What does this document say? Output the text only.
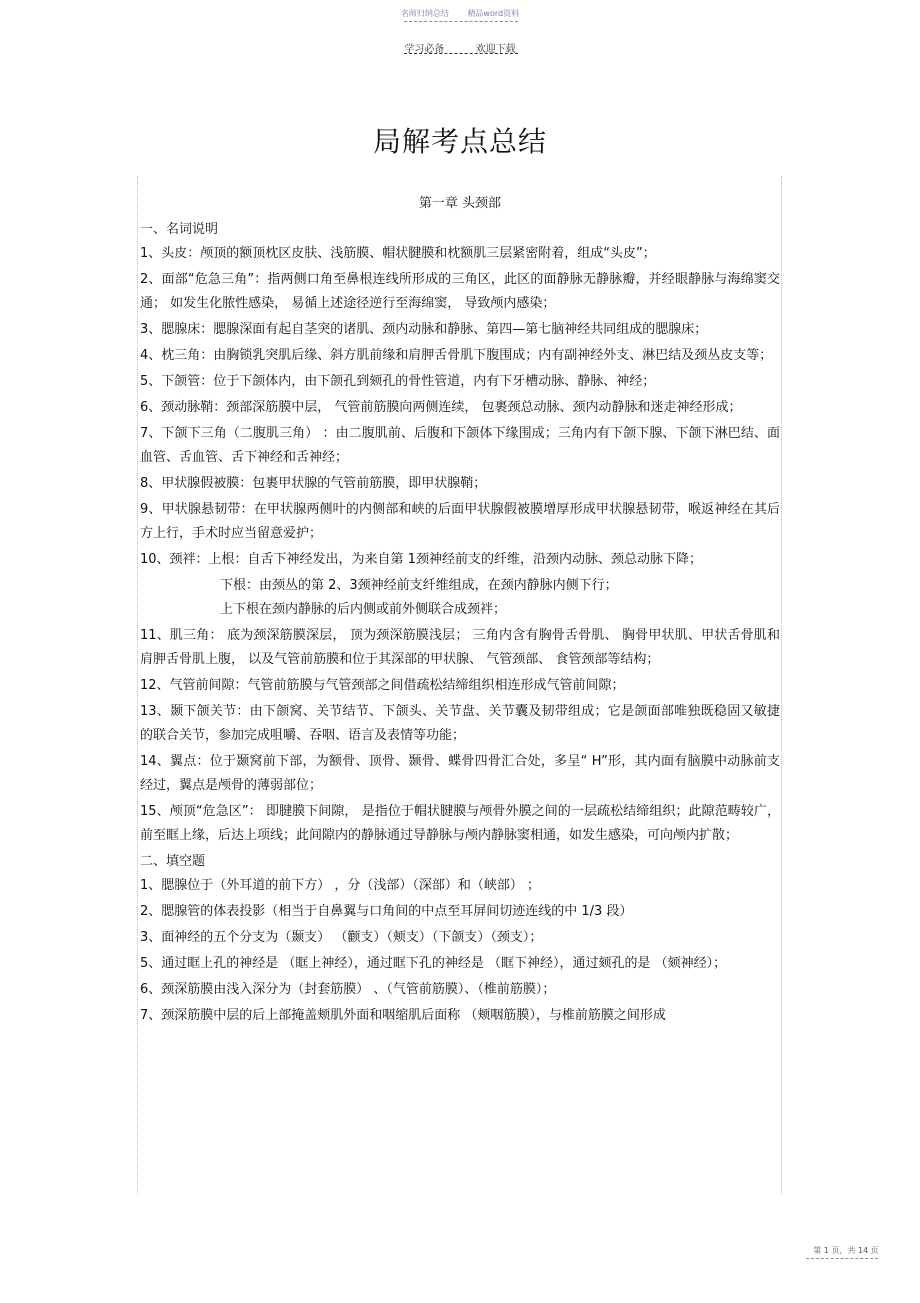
名师归纳总结 精品word资料
学习必备	欢迎下载
局解考点总结
第一章 头颈部
一、名词说明
1、头皮：颅顶的额顶枕区皮肤、浅筋膜、帽状腱膜和枕额肌三层紧密附着，组成“头皮”；
2、面部“危急三角”：指两侧口角至鼻根连线所形成的三角区，此区的面静脉无静脉瓣，并经眼静脉与海绵窦交通； 如发生化脓性感染， 易循上述途径逆行至海绵窦， 导致颅内感染；
3、腮腺床：腮腺深面有起自茎突的诸肌、颈内动脉和静脉、第四—第七脑神经共同组成的腮腺床；
4、枕三角：由胸锁乳突肌后缘、斜方肌前缘和肩胛舌骨肌下腹围成；内有副神经外支、淋巴结及颈丛皮支等；
5、下颌管：位于下颌体内，由下颌孔到颏孔的骨性管道，内有下牙槽动脉、静脉、神经；
6、颈动脉鞘：颈部深筋膜中层， 气管前筋膜向两侧连续， 包裹颈总动脉、颈内动静脉和迷走神经形成；
7、下颌下三角（二腹肌三角） ：由二腹肌前、后腹和下颌体下缘围成；三角内有下颌下腺、下颌下淋巴结、面血管、舌血管、舌下神经和舌神经；
8、甲状腺假被膜：包裹甲状腺的气管前筋膜，即甲状腺鞘；
9、甲状腺悬韧带：在甲状腺两侧叶的内侧部和峡的后面甲状腺假被膜增厚形成甲状腺悬韧带，喉返神经在其后方上行，手术时应当留意爱护；
10、颈袢：上根：自舌下神经发出，为来自第 1颈神经前支的纤维，沿颈内动脉、颈总动脉下降；
下根：由颈丛的第 2、3颈神经前支纤维组成，在颈内静脉内侧下行；
上下根在颈内静脉的后内侧或前外侧联合成颈袢；
11、肌三角： 底为颈深筋膜深层， 顶为颈深筋膜浅层； 三角内含有胸骨舌骨肌、 胸骨甲状肌、甲状舌骨肌和肩胛舌骨肌上腹， 以及气管前筋膜和位于其深部的甲状腺、 气管颈部、 食管颈部等结构；
12、气管前间隙：气管前筋膜与气管颈部之间借疏松结缔组织相连形成气管前间隙；
13、颞下颌关节：由下颌窝、关节结节、下颌头、关节盘、关节囊及韧带组成；它是颌面部唯独既稳固又敏捷的联合关节，参加完成咀嚼、吞咽、语言及表情等功能；
14、翼点：位于颞窝前下部，为额骨、顶骨、颞骨、蝶骨四骨汇合处，多呈“ H”形，其内面有脑膜中动脉前支经过，翼点是颅骨的薄弱部位；
15、颅顶“危急区”： 即腱膜下间隙， 是指位于帽状腱膜与颅骨外膜之间的一层疏松结缔组织；此隙范畴较广， 前至眶上缘，后达上项线；此间隙内的静脉通过导静脉与颅内静脉窦相通，如发生感染，可向颅内扩散；
二、填空题
1、腮腺位于（外耳道的前下方） ，分（浅部）（深部）和（峡部） ；
2、腮腺管的体表投影（相当于自鼻翼与口角间的中点至耳屏间切迹连线的中 1/3 段）
3、面神经的五个分支为（颞支） （颧支）（颊支）（下颌支）（颈支）；
5、通过眶上孔的神经是 （眶上神经），通过眶下孔的神经是 （眶下神经），通过颏孔的是 （颏神经）；
6、颈深筋膜由浅入深分为（封套筋膜） 、（气管前筋膜）、（椎前筋膜）；
7、颈深筋膜中层的后上部掩盖颊肌外面和咽缩肌后面称 （颊咽筋膜），与椎前筋膜之间形成
第 1 页，共 14 页
